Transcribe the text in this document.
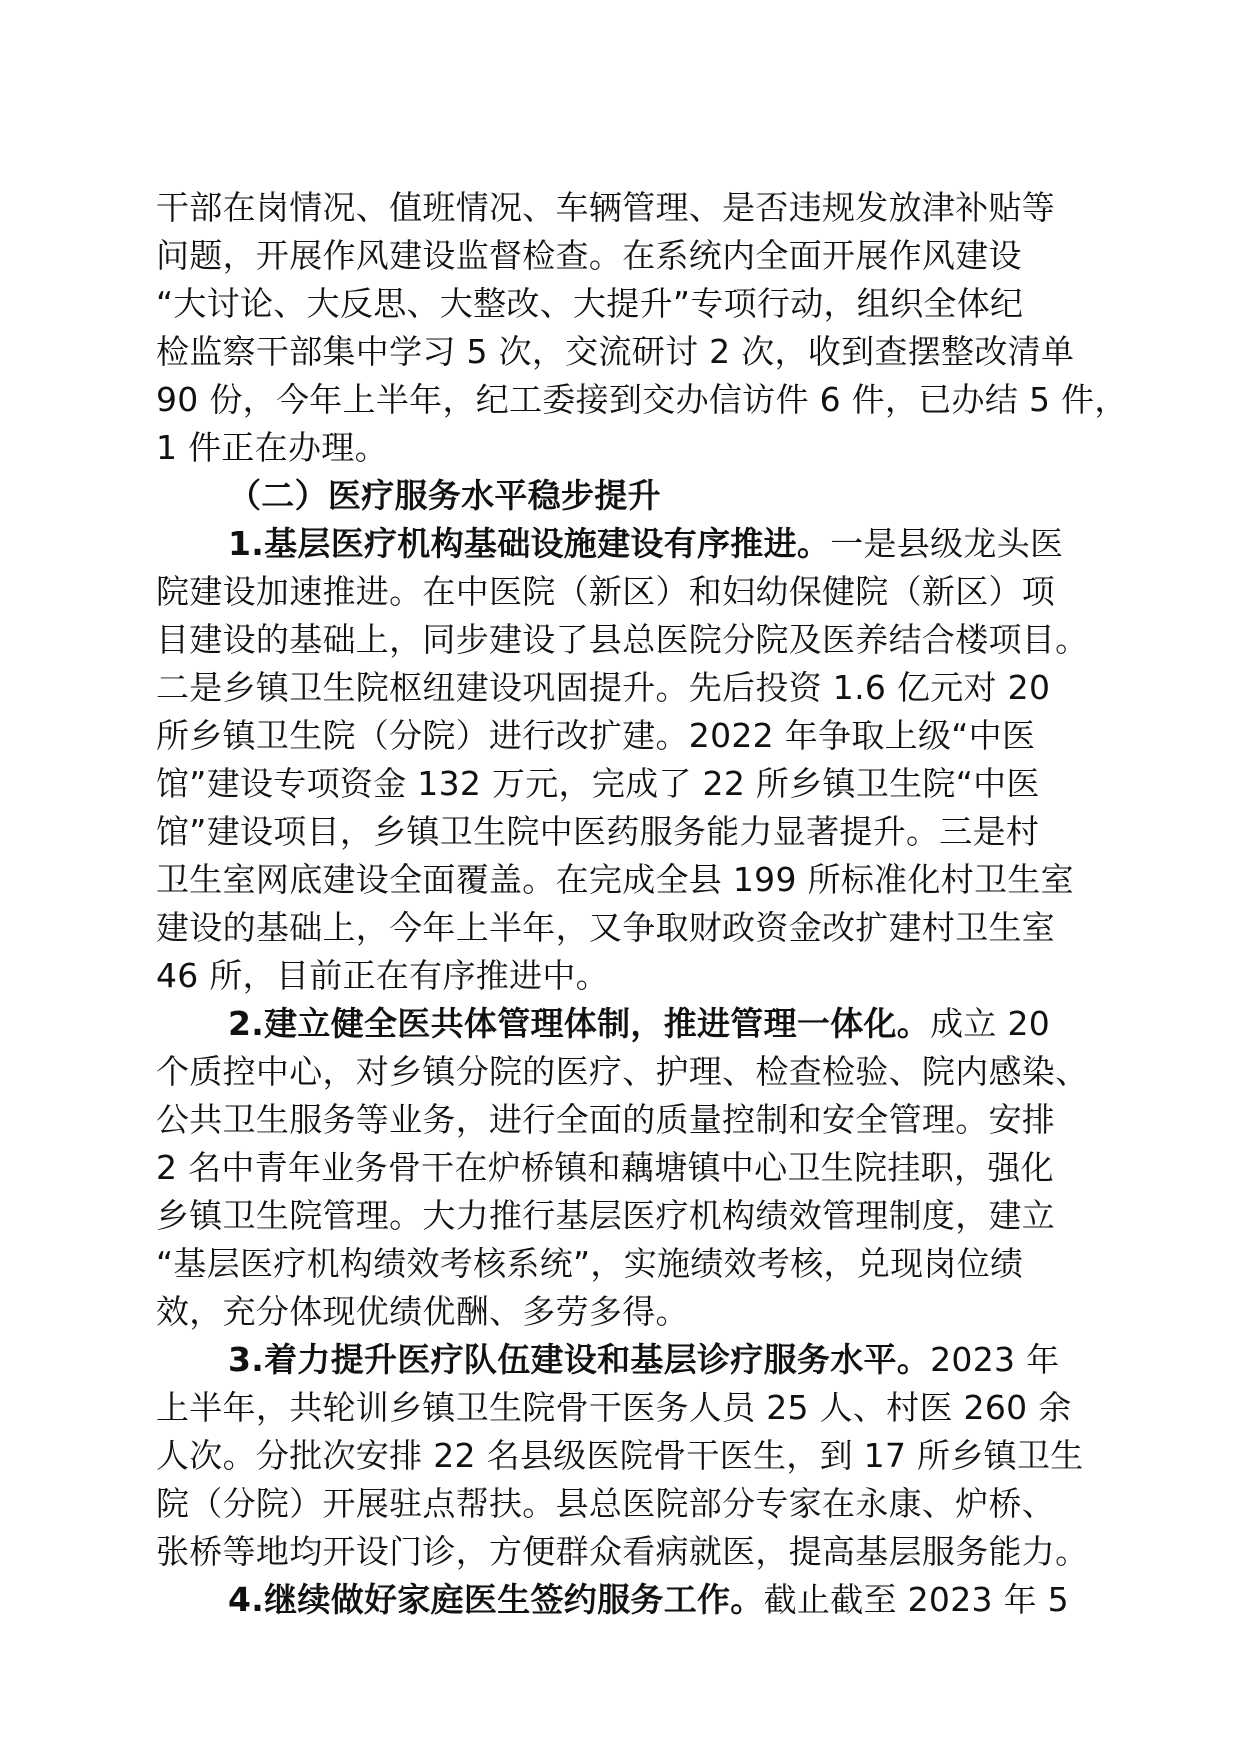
干部在岗情况、值班情况、车辆管理、是否违规发放津补贴等
问题，开展作风建设监督检查。在系统内全面开展作风建设
“大讨论、大反思、大整改、大提升”专项行动，组织全体纪
检监察干部集中学习 5 次，交流研讨 2 次，收到查摆整改清单
90 份，今年上半年，纪工委接到交办信访件 6 件，已办结 5 件，
1 件正在办理。
（二）医疗服务水平稳步提升
1.基层医疗机构基础设施建设有序推进。一是县级龙头医
院建设加速推进。在中医院（新区）和妇幼保健院（新区）项
目建设的基础上，同步建设了县总医院分院及医养结合楼项目。
二是乡镇卫生院枢纽建设巩固提升。先后投资 1.6 亿元对 20
所乡镇卫生院（分院）进行改扩建。2022 年争取上级“中医
馆”建设专项资金 132 万元，完成了 22 所乡镇卫生院“中医
馆”建设项目，乡镇卫生院中医药服务能力显著提升。三是村
卫生室网底建设全面覆盖。在完成全县 199 所标准化村卫生室
建设的基础上，今年上半年，又争取财政资金改扩建村卫生室
46 所，目前正在有序推进中。
2.建立健全医共体管理体制，推进管理一体化。成立 20
个质控中心，对乡镇分院的医疗、护理、检查检验、院内感染、
公共卫生服务等业务，进行全面的质量控制和安全管理。安排
2 名中青年业务骨干在炉桥镇和藕塘镇中心卫生院挂职，强化
乡镇卫生院管理。大力推行基层医疗机构绩效管理制度，建立
“基层医疗机构绩效考核系统”，实施绩效考核，兑现岗位绩
效，充分体现优绩优酬、多劳多得。
3.着力提升医疗队伍建设和基层诊疗服务水平。2023 年
上半年，共轮训乡镇卫生院骨干医务人员 25 人、村医 260 余
人次。分批次安排 22 名县级医院骨干医生，到 17 所乡镇卫生
院（分院）开展驻点帮扶。县总医院部分专家在永康、炉桥、
张桥等地均开设门诊，方便群众看病就医，提高基层服务能力。
4.继续做好家庭医生签约服务工作。截止截至 2023 年 5
